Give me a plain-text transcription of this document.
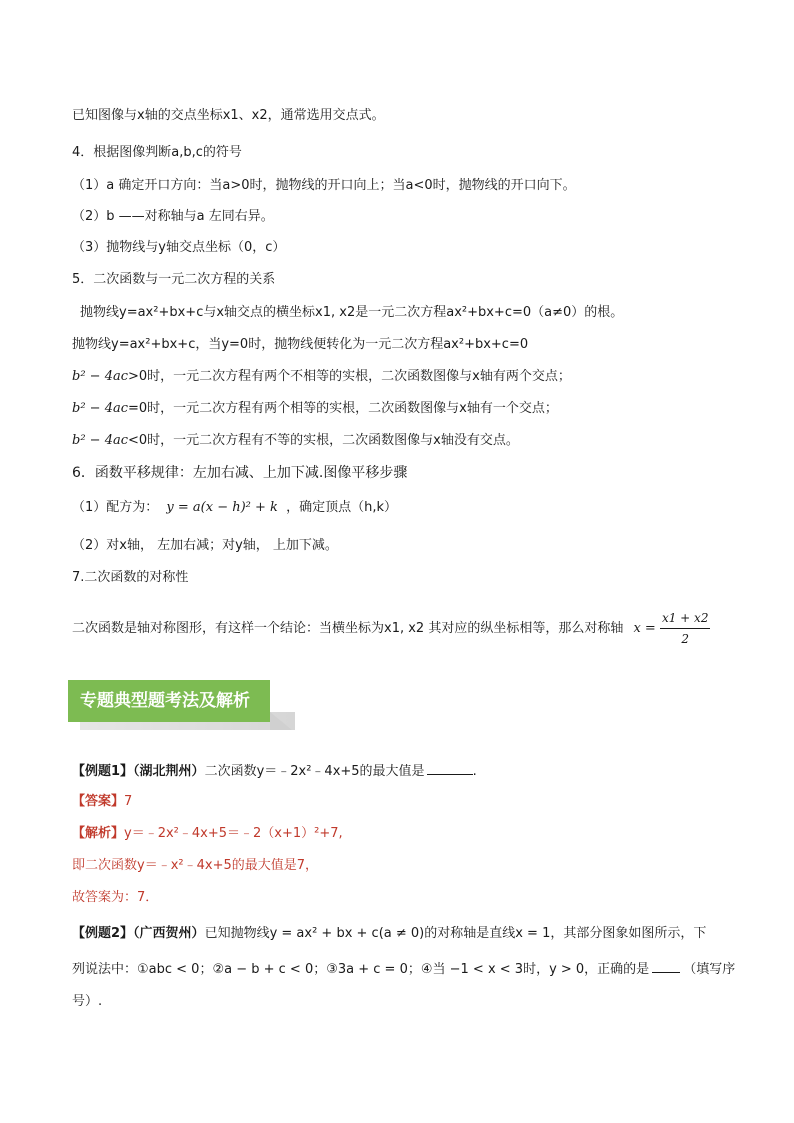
已知图像与x轴的交点坐标x1、x2，通常选用交点式。
4．根据图像判断a,b,c的符号
（1）a 确定开口方向：当a>0时，抛物线的开口向上；当a<0时，抛物线的开口向下。
（2）b ——对称轴与a 左同右异。
（3）抛物线与y轴交点坐标（0，c）
5．二次函数与一元二次方程的关系
抛物线y=ax²+bx+c与x轴交点的横坐标x1, x2是一元二次方程ax²+bx+c=0（a≠0）的根。
抛物线y=ax²+bx+c，当y=0时，抛物线便转化为一元二次方程ax²+bx+c=0
b² − 4ac>0时，一元二次方程有两个不相等的实根，二次函数图像与x轴有两个交点；
b² − 4ac=0时，一元二次方程有两个相等的实根，二次函数图像与x轴有一个交点；
b² − 4ac<0时，一元二次方程有不等的实根，二次函数图像与x轴没有交点。
6．函数平移规律：左加右减、上加下减.图像平移步骤
（1）配方为： y = a(x − h)² + k ，确定顶点（h,k）
（2）对x轴， 左加右减；对y轴， 上加下减。
7.二次函数的对称性
二次函数是轴对称图形，有这样一个结论：当横坐标为x1, x2 其对应的纵坐标相等，那么对称轴 $x = \frac{x1 + x2}{2}$
专题典型题考法及解析
【例题1】（湖北荆州）二次函数y＝﹣2x²﹣4x+5的最大值是	.
【答案】7
【解析】y＝﹣2x²﹣4x+5＝﹣2（x+1）²+7,
即二次函数y＝﹣x²﹣4x+5的最大值是7，
故答案为：7．
【例题2】（广西贺州）已知抛物线y = ax² + bx + c(a ≠ 0)的对称轴是直线x = 1，其部分图象如图所示，下
列说法中：①abc < 0；②a − b + c < 0；③3a + c = 0；④当 −1 < x < 3时，y > 0，正确的是	（填写序
号）.
